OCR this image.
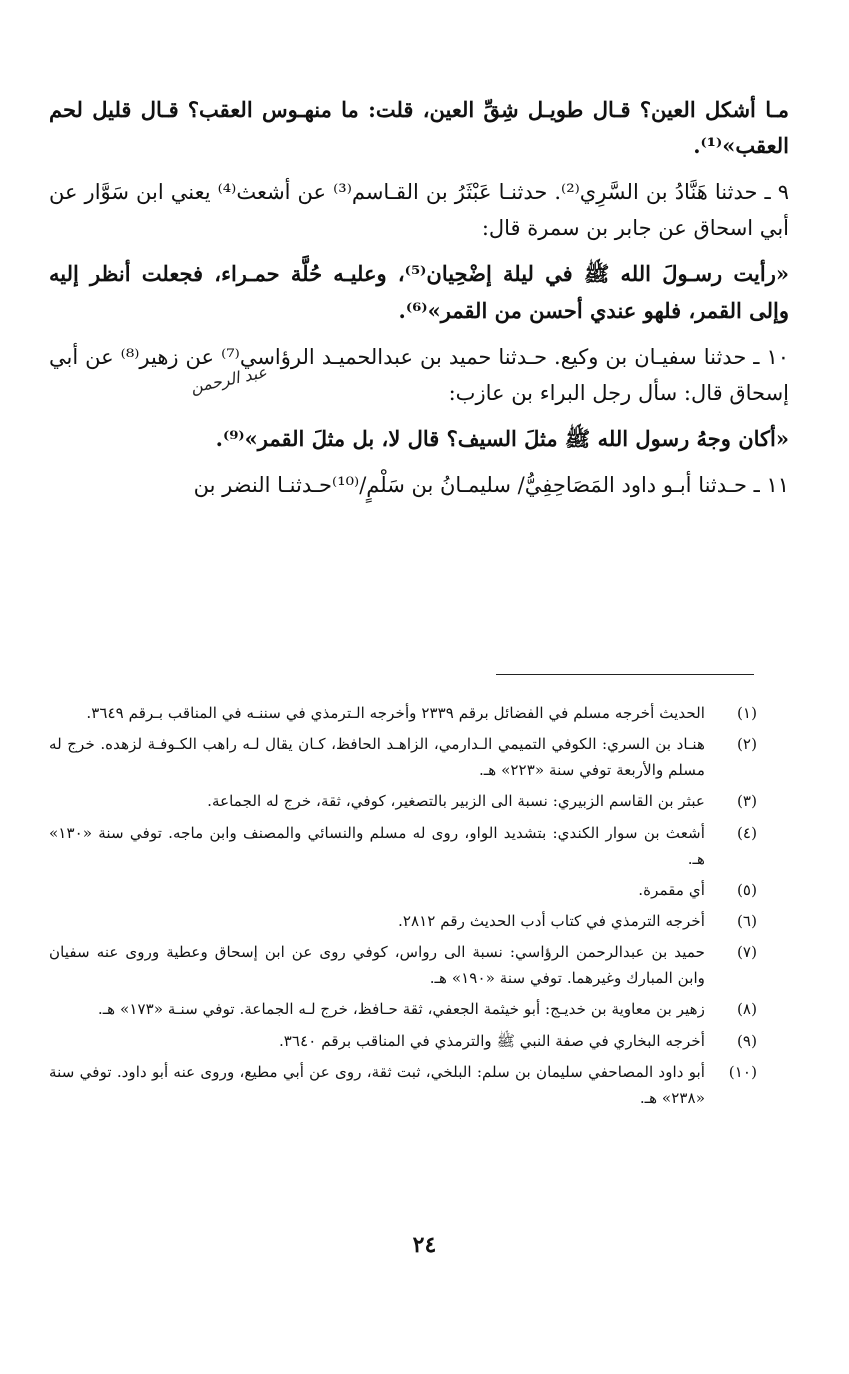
مـا أشكل العين؟ قـال طويـل شِقِّ العين، قلت: ما منهـوس العقب؟ قـال قليل لحم العقب»⁽¹⁾.

٩ ـ حدثنا هَنَّادُ بن السَّرِي⁽²⁾. حدثنـا عَبْثَرُ بن القـاسم⁽³⁾ عن أشعث⁽⁴⁾ يعني ابن سَوَّار عن أبي اسحاق عن جابر بن سمرة قال:

«رأيت رسـولَ الله ﷺ في ليلة إضْحِيان⁽⁵⁾، وعليـه حُلَّة حمـراء، فجعلت أنظر إليه وإلى القمر، فلهو عندي أحسن من القمر»⁽⁶⁾.

١٠ ـ حدثنا سفيـان بن وكيع. حـدثنا حميد بن عبدالحميـد الرؤاسي⁽⁷⁾ عن زهير⁽⁸⁾ عن أبي إسحاق قال: سأل رجل البراء بن عازب:

«أكان وجهُ رسول الله ﷺ مثلَ السيف؟ قال لا، بل مثلَ القمر»⁽⁹⁾.

١١ ـ حـدثنا أبـو داود المَصَاحِفِيُّ/ سليمـانُ بن سَلْمٍ/⁽¹⁰⁾حـدثنـا النضر بن

عبد الرحمن
(١)
الحديث أخرجه مسلم في الفضائل برقم ٢٣٣٩ وأخرجه الـترمذي في سننـه في المناقب بـرقم ٣٦٤٩.
(٢)
هنـاد بن السري: الكوفي التميمي الـدارمي، الزاهـد الحافظ، كـان يقال لـه راهب الكـوفـة لزهده. خرج له مسلم والأربعة توفي سنة «٢٢٣» هـ.
(٣)
عبثر بن القاسم الزبيري: نسبة الى الزبير بالتصغير، كوفي، ثقة، خرج له الجماعة.
(٤)
أشعث بن سوار الكندي: بتشديد الواو، روى له مسلم والنسائي والمصنف وابن ماجه. توفي سنة «١٣٠» هـ.
(٥)
أي مقمرة.
(٦)
أخرجه الترمذي في كتاب أدب الحديث رقم ٢٨١٢.
(٧)
حميد بن عبدالرحمن الرؤاسي: نسبة الى رواس، كوفي روى عن ابن إسحاق وعطية وروى عنه سفيان وابن المبارك وغيرهما. توفي سنة «١٩٠» هـ.
(٨)
زهير بن معاوية بن خديـج: أبو خيثمة الجعفي، ثقة حـافظ، خرج لـه الجماعة. توفي سنـة «١٧٣» هـ.
(٩)
أخرجه البخاري في صفة النبي ﷺ والترمذي في المناقب برقم ٣٦٤٠.
(١٠)
أبو داود المصاحفي سليمان بن سلم: البلخي، ثبت ثقة، روى عن أبي مطيع، وروى عنه أبو داود. توفي سنة «٢٣٨» هـ.
٢٤
